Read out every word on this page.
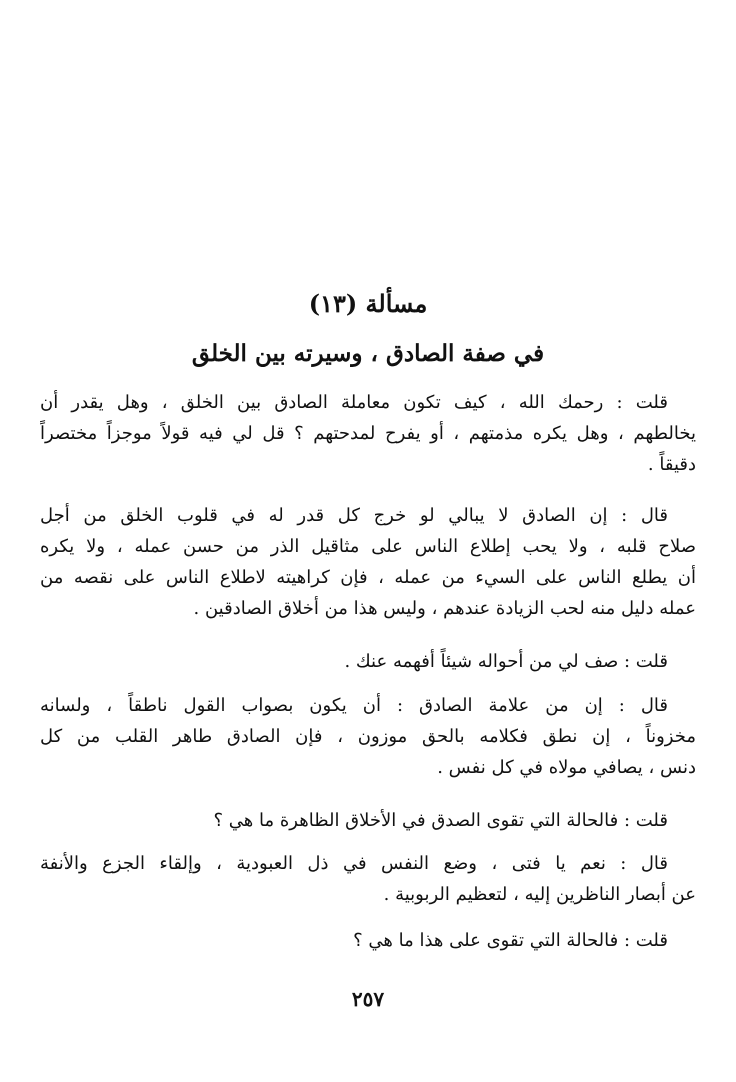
مسألة (١٣)
في صفة الصادق ، وسيرته بين الخلق
قلت : رحمك الله ، كيف تكون معاملة الصادق بين الخلق ، وهل يقدر أن
يخالطهم ، وهل يكره مذمتهم ، أو يفرح لمدحتهم ؟ قل لي فيه قولاً موجزاً مختصراً
دقيقاً .
قال : إن الصادق لا يبالي لو خرج كل قدر له في قلوب الخلق من أجل
صلاح قلبه ، ولا يحب إطلاع الناس على مثاقيل الذر من حسن عمله ، ولا يكره
أن يطلع الناس على السيء من عمله ، فإن كراهيته لاطلاع الناس على نقصه من
عمله دليل منه لحب الزيادة عندهم ، وليس هذا من أخلاق الصادقين .
قلت : صف لي من أحواله شيئاً أفهمه عنك .
قال : إن من علامة الصادق : أن يكون بصواب القول ناطقاً ، ولسانه
مخزوناً ، إن نطق فكلامه بالحق موزون ، فإن الصادق طاهر القلب من كل
دنس ، يصافي مولاه في كل نفس .
قلت : فالحالة التي تقوى الصدق في الأخلاق الظاهرة ما هي ؟
قال : نعم يا فتى ، وضع النفس في ذل العبودية ، وإلقاء الجزع والأنفة
عن أبصار الناظرين إليه ، لتعظيم الربوبية .
قلت : فالحالة التي تقوى على هذا ما هي ؟
٢٥٧
